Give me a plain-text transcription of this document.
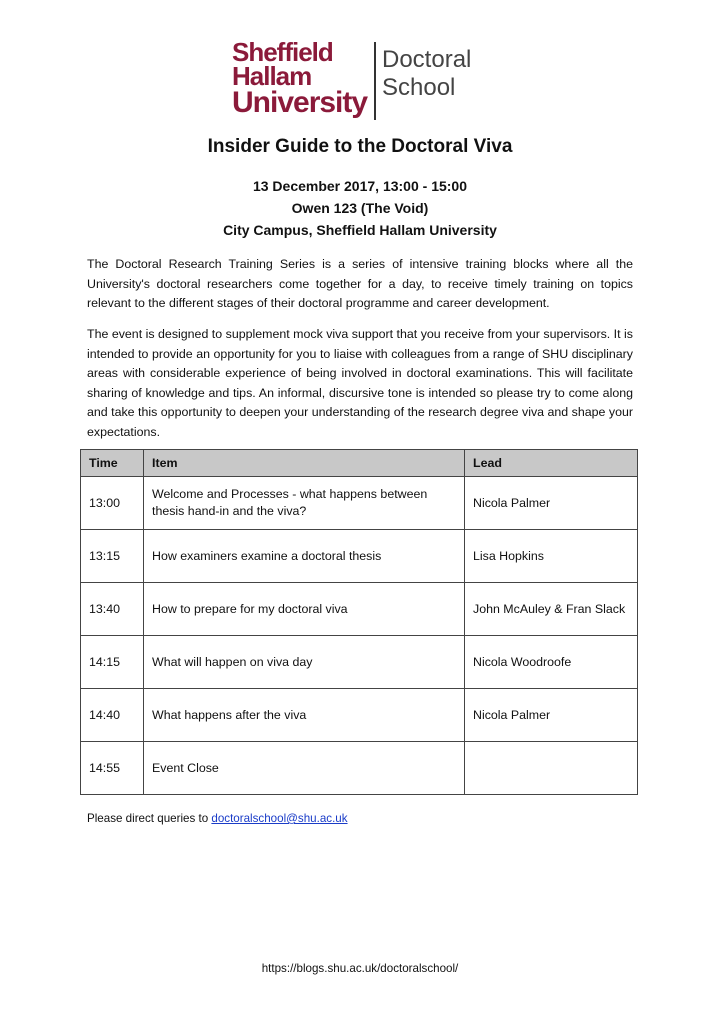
Sheffield
Hallam
University
Doctoral
School
Insider Guide to the Doctoral Viva
13 December 2017, 13:00 - 15:00
Owen 123 (The Void)
City Campus, Sheffield Hallam University

The Doctoral Research Training Series is a series of intensive training blocks where all the University's doctoral researchers come together for a day, to receive timely training on topics relevant to the different stages of their doctoral programme and career development.

The event is designed to supplement mock viva support that you receive from your supervisors. It is intended to provide an opportunity for you to liaise with colleagues from a range of SHU disciplinary areas with considerable experience of being involved in doctoral examinations. This will facilitate sharing of knowledge and tips. An informal, discursive tone is intended so please try to come along and take this opportunity to deepen your understanding of the research degree viva and shape your expectations.

Time	Item	Lead
13:00	Welcome and Processes - what happens between thesis hand-in and the viva?	Nicola Palmer
13:15	How examiners examine a doctoral thesis	Lisa Hopkins
13:40	How to prepare for my doctoral viva	John McAuley & Fran Slack
14:15	What will happen on viva day	Nicola Woodroofe
14:40	What happens after the viva	Nicola Palmer
14:55	Event Close	
Please direct queries to doctoralschool@shu.ac.uk
https://blogs.shu.ac.uk/doctoralschool/
